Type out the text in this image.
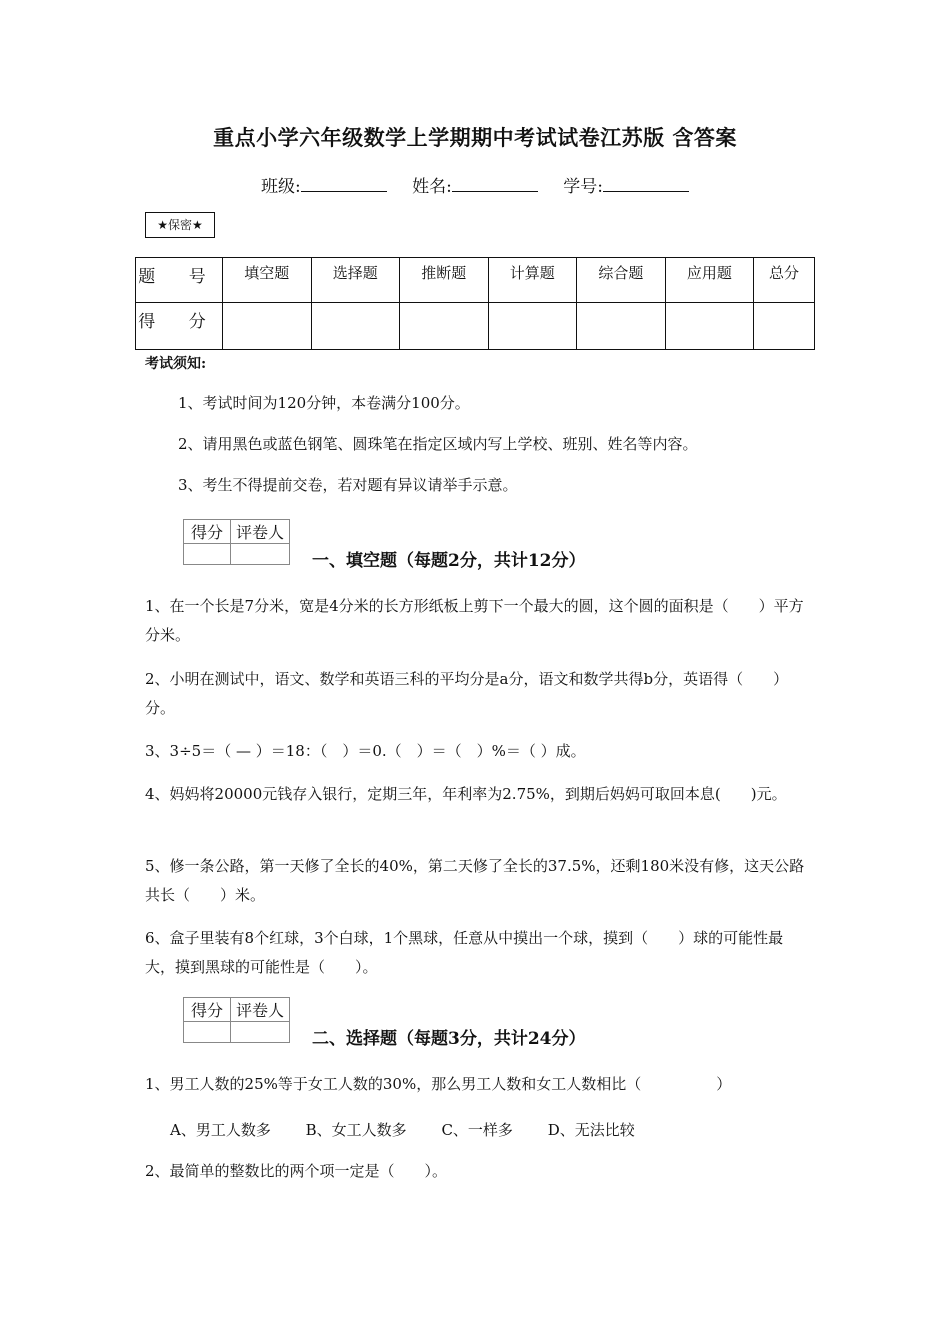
重点小学六年级数学上学期期中考试试卷江苏版 含答案
班级:	姓名:	学号:
★保密★
题 号	填空题	选择题	推断题	计算题	综合题	应用题	总分
得 分							
考试须知:
1、考试时间为120分钟，本卷满分100分。
2、请用黑色或蓝色钢笔、圆珠笔在指定区域内写上学校、班别、姓名等内容。
3、考生不得提前交卷，若对题有异议请举手示意。
得分	评卷人

一、填空题（每题2分，共计12分）
1、在一个长是7分米，宽是4分米的长方形纸板上剪下一个最大的圆，这个圆的面积是（　　）平方分米。
2、小明在测试中，语文、数学和英语三科的平均分是a分，语文和数学共得b分，英语得（　　）分。
3、3÷5＝（ — ）＝18：（　）＝0.（　）＝（　）%＝（ ）成。
4、妈妈将20000元钱存入银行，定期三年，年利率为2.75%，到期后妈妈可取回本息(　　)元。
5、修一条公路，第一天修了全长的40%，第二天修了全长的37.5%，还剩180米没有修，这天公路共长（　　）米。
6、盒子里装有8个红球，3个白球，1个黑球，任意从中摸出一个球，摸到（　　）球的可能性最大，摸到黑球的可能性是（　　）。
得分	评卷人

二、选择题（每题3分，共计24分）
1、男工人数的25%等于女工人数的30%，那么男工人数和女工人数相比（　　　　　）
A、男工人数多 B、女工人数多 C、一样多 D、无法比较
2、最简单的整数比的两个项一定是（　　）。
